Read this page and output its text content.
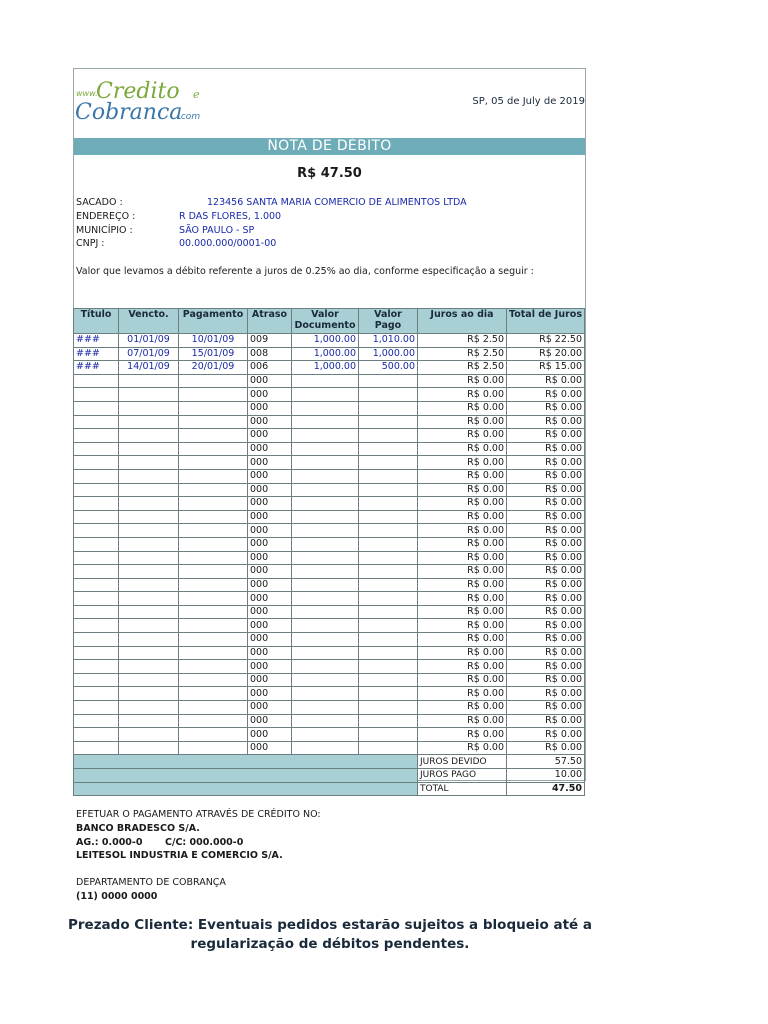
www.
Credito e
Cobranca
.com
SP, 05 de July de 2019
NOTA DE DÉBITO
R$ 47.50
SACADO :	123456 SANTA MARIA COMERCIO DE ALIMENTOS LTDA
ENDEREÇO :	R DAS FLORES, 1.000
MUNICÍPIO :	SÃO PAULO - SP
CNPJ :	00.000.000/0001-00
Valor que levamos a débito referente a juros de 0.25% ao dia, conforme especificação a seguir :
Título	Vencto.	Pagamento	Atraso	Valor Documento	Valor Pago	Juros ao dia	Total de Juros
###	01/01/09	10/01/09	009	1,000.00	1,010.00	R$ 2.50	R$ 22.50
###	07/01/09	15/01/09	008	1,000.00	1,000.00	R$ 2.50	R$ 20.00
###	14/01/09	20/01/09	006	1,000.00	500.00	R$ 2.50	R$ 15.00
			000			R$ 0.00	R$ 0.00
			000			R$ 0.00	R$ 0.00
			000			R$ 0.00	R$ 0.00
			000			R$ 0.00	R$ 0.00
			000			R$ 0.00	R$ 0.00
			000			R$ 0.00	R$ 0.00
			000			R$ 0.00	R$ 0.00
			000			R$ 0.00	R$ 0.00
			000			R$ 0.00	R$ 0.00
			000			R$ 0.00	R$ 0.00
			000			R$ 0.00	R$ 0.00
			000			R$ 0.00	R$ 0.00
			000			R$ 0.00	R$ 0.00
			000			R$ 0.00	R$ 0.00
			000			R$ 0.00	R$ 0.00
			000			R$ 0.00	R$ 0.00
			000			R$ 0.00	R$ 0.00
			000			R$ 0.00	R$ 0.00
			000			R$ 0.00	R$ 0.00
			000			R$ 0.00	R$ 0.00
			000			R$ 0.00	R$ 0.00
			000			R$ 0.00	R$ 0.00
			000			R$ 0.00	R$ 0.00
			000			R$ 0.00	R$ 0.00
			000			R$ 0.00	R$ 0.00
			000			R$ 0.00	R$ 0.00
			000			R$ 0.00	R$ 0.00
			000			R$ 0.00	R$ 0.00
						JUROS DEVIDO	57.50
						JUROS PAGO	10.00
						TOTAL	47.50
EFETUAR O PAGAMENTO ATRAVÉS DE CRÉDITO NO:
BANCO BRADESCO S/A.
AG.: 0.000-0 C/C: 000.000-0
LEITESOL INDUSTRIA E COMERCIO S/A.
DEPARTAMENTO DE COBRANÇA
(11) 0000 0000
Prezado Cliente: Eventuais pedidos estarão sujeitos a bloqueio até a
regularização de débitos pendentes.
